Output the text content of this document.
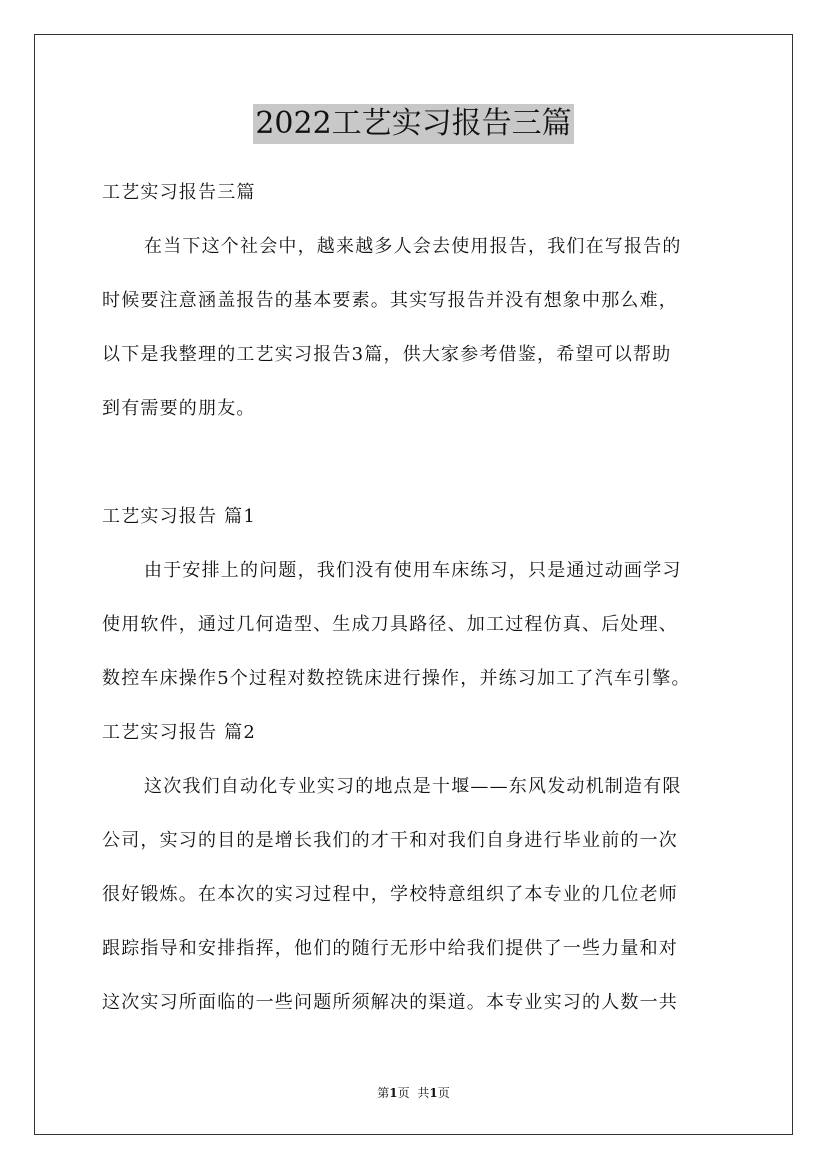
2022工艺实习报告三篇
工艺实习报告三篇
在当下这个社会中，越来越多人会去使用报告，我们在写报告的
时候要注意涵盖报告的基本要素。其实写报告并没有想象中那么难，
以下是我整理的工艺实习报告3篇，供大家参考借鉴，希望可以帮助
到有需要的朋友。
工艺实习报告 篇1
由于安排上的问题，我们没有使用车床练习，只是通过动画学习
使用软件，通过几何造型、生成刀具路径、加工过程仿真、后处理、
数控车床操作5个过程对数控铣床进行操作，并练习加工了汽车引擎。
工艺实习报告 篇2
这次我们自动化专业实习的地点是十堰——东风发动机制造有限
公司，实习的目的是增长我们的才干和对我们自身进行毕业前的一次
很好锻炼。在本次的实习过程中，学校特意组织了本专业的几位老师
跟踪指导和安排指挥，他们的随行无形中给我们提供了一些力量和对
这次实习所面临的一些问题所须解决的渠道。本专业实习的人数一共
第1页 共1页
